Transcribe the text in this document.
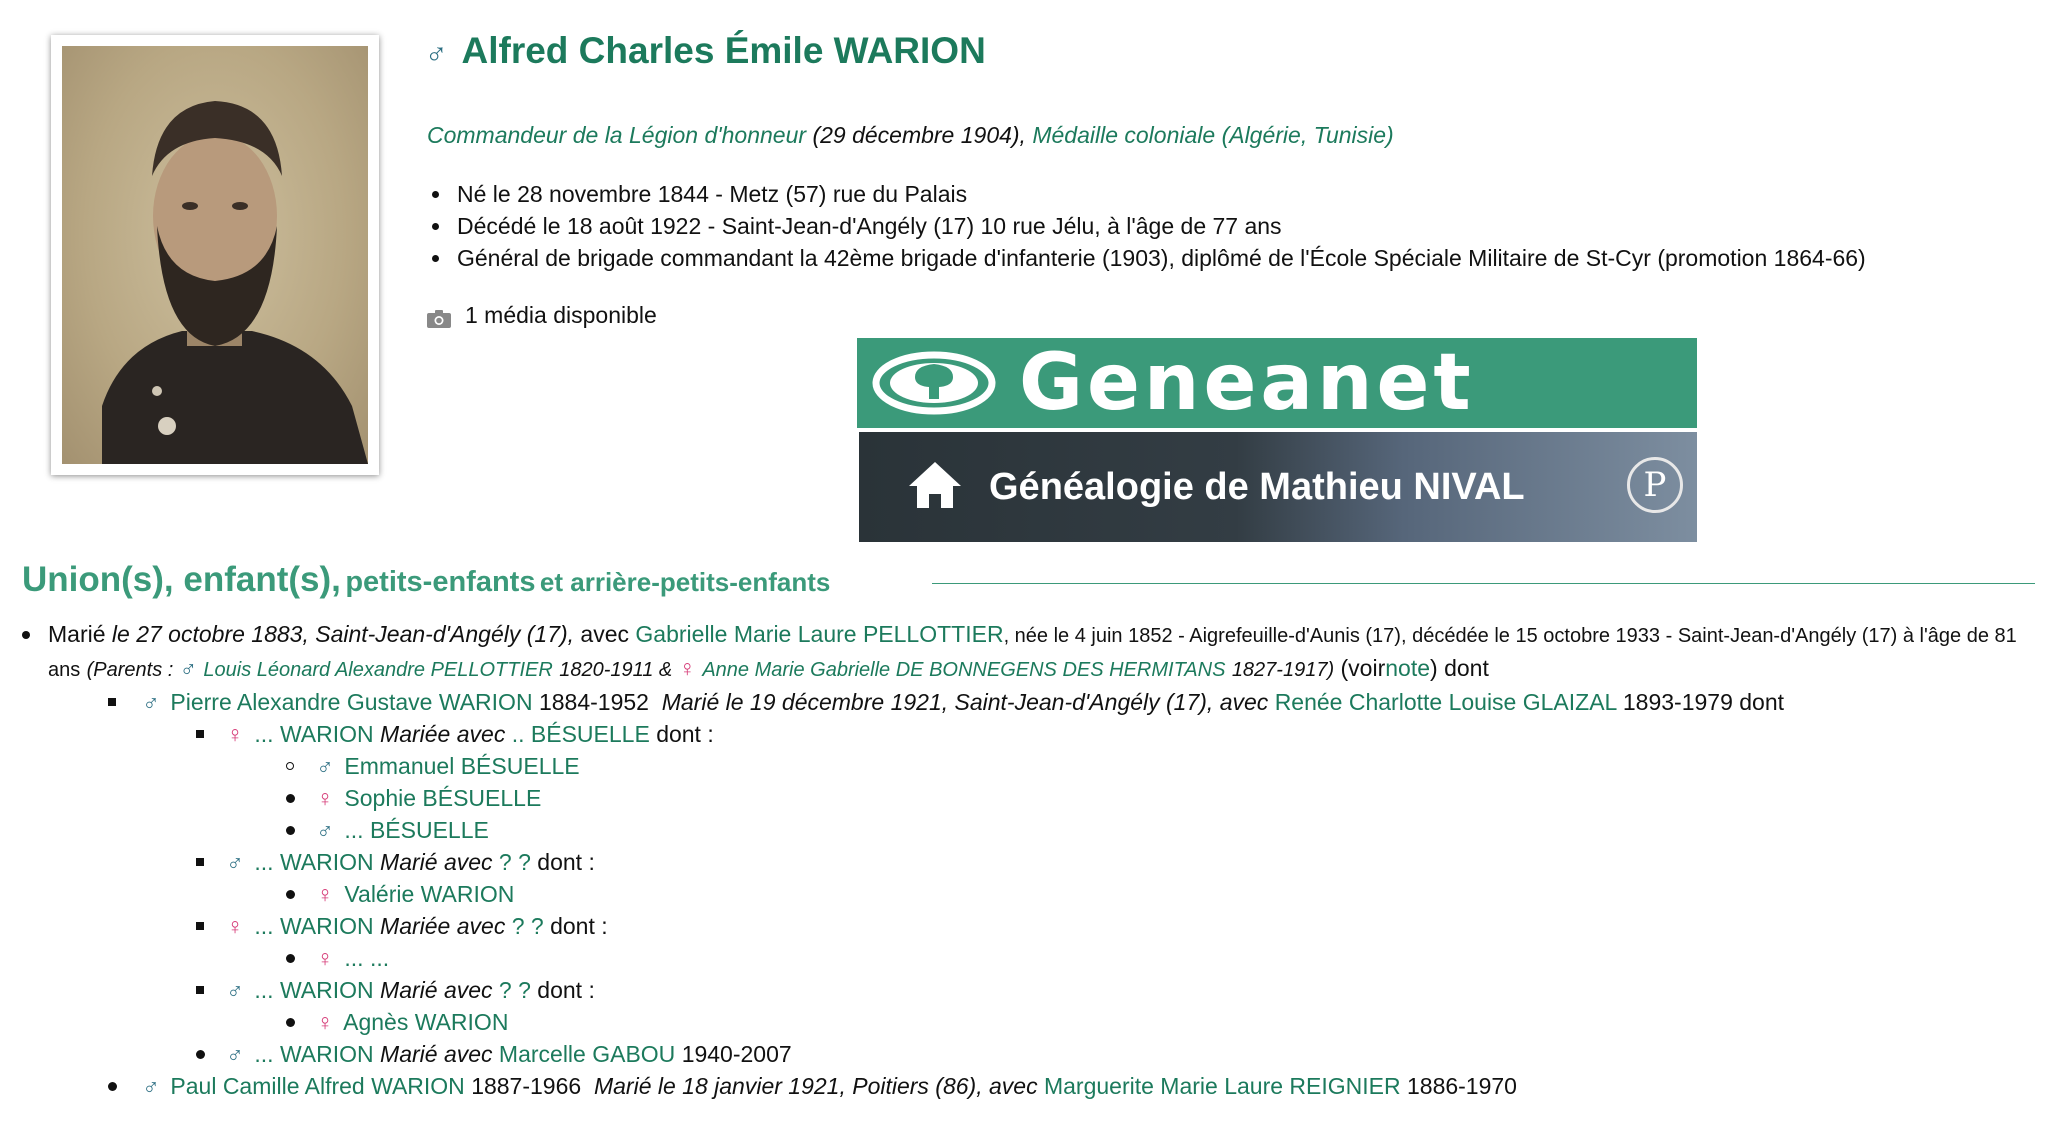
♂ Alfred Charles Émile WARION
Commandeur de la Légion d'honneur (29 décembre 1904), Médaille coloniale (Algérie, Tunisie)
• Né le 28 novembre 1844 - Metz (57) rue du Palais
• Décédé le 18 août 1922 - Saint-Jean-d'Angély (17) 10 rue Jélu, à l'âge de 77 ans
• Général de brigade commandant la 42ème brigade d'infanterie (1903), diplômé de l'École Spéciale Militaire de St-Cyr (promotion 1864-66)
1 média disponible
Geneanet
Généalogie de Mathieu NIVAL	P
Union(s), enfant(s), petits-enfants et arrière-petits-enfants
Marié le 27 octobre 1883, Saint-Jean-d'Angély (17), avec Gabrielle Marie Laure PELLOTTIER, née le 4 juin 1852 - Aigrefeuille-d'Aunis (17), décédée le 15 octobre 1933 - Saint-Jean-d'Angély (17) à l'âge de 81 ans (Parents : ♂ Louis Léonard Alexandre PELLOTTIER 1820-1911 & ♀ Anne Marie Gabrielle DE BONNEGENS DES HERMITANS 1827-1917) (voirnote) dont
♂ Pierre Alexandre Gustave WARION 1884-1952 Marié le 19 décembre 1921, Saint-Jean-d'Angély (17), avec Renée Charlotte Louise GLAIZAL 1893-1979 dont
♀ ... WARION Mariée avec .. BÉSUELLE dont :
♂ Emmanuel BÉSUELLE
♀ Sophie BÉSUELLE
♂ ... BÉSUELLE
♂ ... WARION Marié avec ? ? dont :
♀ Valérie WARION
♀ ... WARION Mariée avec ? ? dont :
♀ ... ...
♂ ... WARION Marié avec ? ? dont :
♀ Agnès WARION
♂ ... WARION Marié avec Marcelle GABOU 1940-2007
♂ Paul Camille Alfred WARION 1887-1966 Marié le 18 janvier 1921, Poitiers (86), avec Marguerite Marie Laure REIGNIER 1886-1970
